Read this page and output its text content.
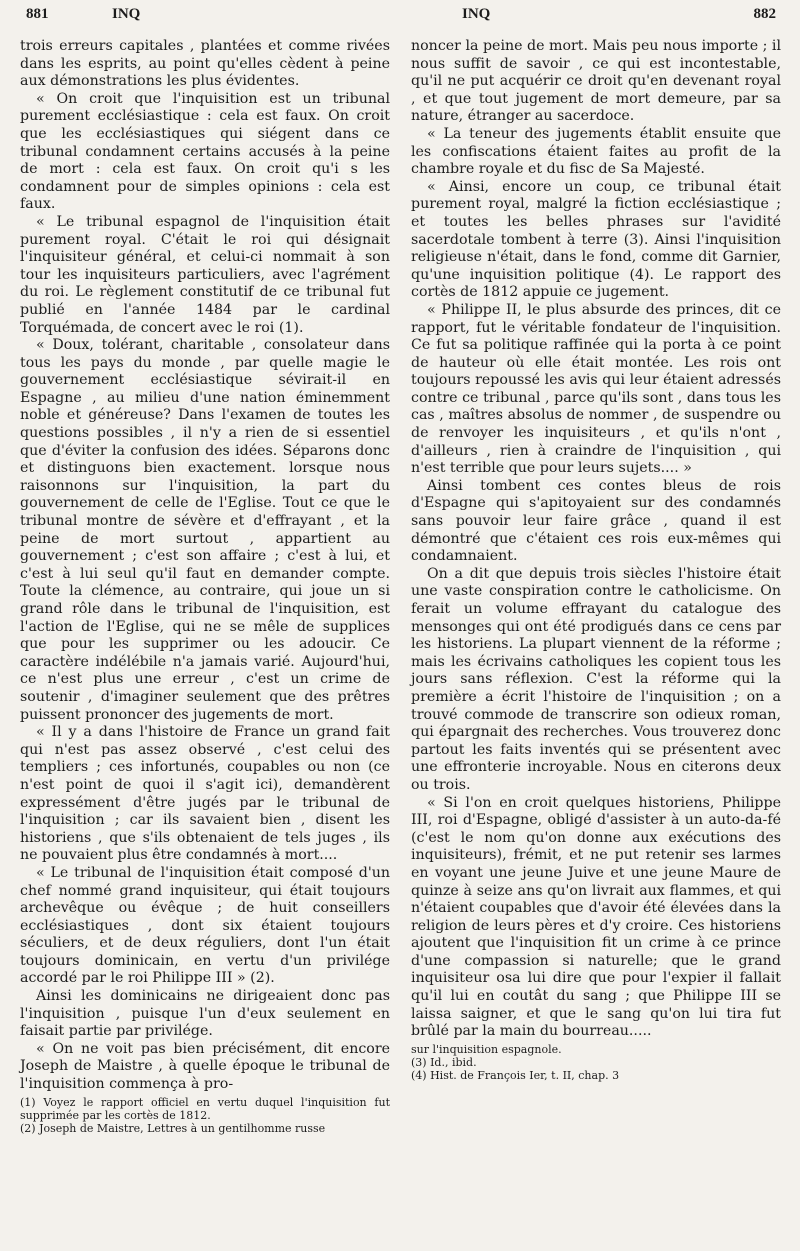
881	INQ	INQ	882

trois erreurs capitales , plantées et comme rivées dans les esprits, au point qu'elles cèdent à peine aux démonstrations les plus évidentes.

« On croit que l'inquisition est un tribunal purement ecclésiastique : cela est faux. On croit que les ecclésiastiques qui siégent dans ce tribunal condamnent certains accusés à la peine de mort : cela est faux. On croit qu'i s les condamnent pour de simples opinions : cela est faux.

« Le tribunal espagnol de l'inquisition était purement royal. C'était le roi qui désignait l'inquisiteur général, et celui-ci nommait à son tour les inquisiteurs particuliers, avec l'agrément du roi. Le règlement constitutif de ce tribunal fut publié en l'année 1484 par le cardinal Torquémada, de concert avec le roi (1).

« Doux, tolérant, charitable , consolateur dans tous les pays du monde , par quelle magie le gouvernement ecclésiastique sévirait-il en Espagne , au milieu d'une nation éminemment noble et généreuse? Dans l'examen de toutes les questions possibles , il n'y a rien de si essentiel que d'éviter la confusion des idées. Séparons donc et distinguons bien exactement. lorsque nous raisonnons sur l'inquisition, la part du gouvernement de celle de l'Eglise. Tout ce que le tribunal montre de sévère et d'effrayant , et la peine de mort surtout , appartient au gouvernement ; c'est son affaire ; c'est à lui, et c'est à lui seul qu'il faut en demander compte. Toute la clémence, au contraire, qui joue un si grand rôle dans le tribunal de l'inquisition, est l'action de l'Eglise, qui ne se mêle de supplices que pour les supprimer ou les adoucir. Ce caractère indélébile n'a jamais varié. Aujourd'hui, ce n'est plus une erreur , c'est un crime de soutenir , d'imaginer seulement que des prêtres puissent prononcer des jugements de mort.

« Il y a dans l'histoire de France un grand fait qui n'est pas assez observé , c'est celui des templiers ; ces infortunés, coupables ou non (ce n'est point de quoi il s'agit ici), demandèrent expressément d'être jugés par le tribunal de l'inquisition ; car ils savaient bien , disent les historiens , que s'ils obtenaient de tels juges , ils ne pouvaient plus être condamnés à mort....

« Le tribunal de l'inquisition était composé d'un chef nommé grand inquisiteur, qui était toujours archevêque ou évêque ; de huit conseillers ecclésiastiques , dont six étaient toujours séculiers, et de deux réguliers, dont l'un était toujours dominicain, en vertu d'un privilége accordé par le roi Philippe III » (2).

Ainsi les dominicains ne dirigeaient donc pas l'inquisition , puisque l'un d'eux seulement en faisait partie par privilége.

« On ne voit pas bien précisément, dit encore Joseph de Maistre , à quelle époque le tribunal de l'inquisition commença à pro-

(1) Voyez le rapport officiel en vertu duquel l'inquisition fut supprimée par les cortès de 1812.
(2) Joseph de Maistre, Lettres à un gentilhomme russe

noncer la peine de mort. Mais peu nous importe ; il nous suffit de savoir , ce qui est incontestable, qu'il ne put acquérir ce droit qu'en devenant royal , et que tout jugement de mort demeure, par sa nature, étranger au sacerdoce.

« La teneur des jugements établit ensuite que les confiscations étaient faites au profit de la chambre royale et du fisc de Sa Majesté.

« Ainsi, encore un coup, ce tribunal était purement royal, malgré la fiction ecclésiastique ; et toutes les belles phrases sur l'avidité sacerdotale tombent à terre (3). Ainsi l'inquisition religieuse n'était, dans le fond, comme dit Garnier, qu'une inquisition politique (4). Le rapport des cortès de 1812 appuie ce jugement.

« Philippe II, le plus absurde des princes, dit ce rapport, fut le véritable fondateur de l'inquisition. Ce fut sa politique raffinée qui la porta à ce point de hauteur où elle était montée. Les rois ont toujours repoussé les avis qui leur étaient adressés contre ce tribunal , parce qu'ils sont , dans tous les cas , maîtres absolus de nommer , de suspendre ou de renvoyer les inquisiteurs , et qu'ils n'ont , d'ailleurs , rien à craindre de l'inquisition , qui n'est terrible que pour leurs sujets.... »

Ainsi tombent ces contes bleus de rois d'Espagne qui s'apitoyaient sur des condamnés sans pouvoir leur faire grâce , quand il est démontré que c'étaient ces rois eux-mêmes qui condamnaient.

On a dit que depuis trois siècles l'histoire était une vaste conspiration contre le catholicisme. On ferait un volume effrayant du catalogue des mensonges qui ont été prodigués dans ce cens par les historiens. La plupart viennent de la réforme ; mais les écrivains catholiques les copient tous les jours sans réflexion. C'est la réforme qui la première a écrit l'histoire de l'inquisition ; on a trouvé commode de transcrire son odieux roman, qui épargnait des recherches. Vous trouverez donc partout les faits inventés qui se présentent avec une effronterie incroyable. Nous en citerons deux ou trois.

« Si l'on en croit quelques historiens, Philippe III, roi d'Espagne, obligé d'assister à un auto-da-fé (c'est le nom qu'on donne aux exécutions des inquisiteurs), frémit, et ne put retenir ses larmes en voyant une jeune Juive et une jeune Maure de quinze à seize ans qu'on livrait aux flammes, et qui n'étaient coupables que d'avoir été élevées dans la religion de leurs pères et d'y croire. Ces historiens ajoutent que l'inquisition fit un crime à ce prince d'une compassion si naturelle; que le grand inquisiteur osa lui dire que pour l'expier il fallait qu'il lui en coutât du sang ; que Philippe III se laissa saigner, et que le sang qu'on lui tira fut brûlé par la main du bourreau.....

sur l'inquisition espagnole.
(3) Id., ibid.
(4) Hist. de François Ier, t. II, chap. 3
